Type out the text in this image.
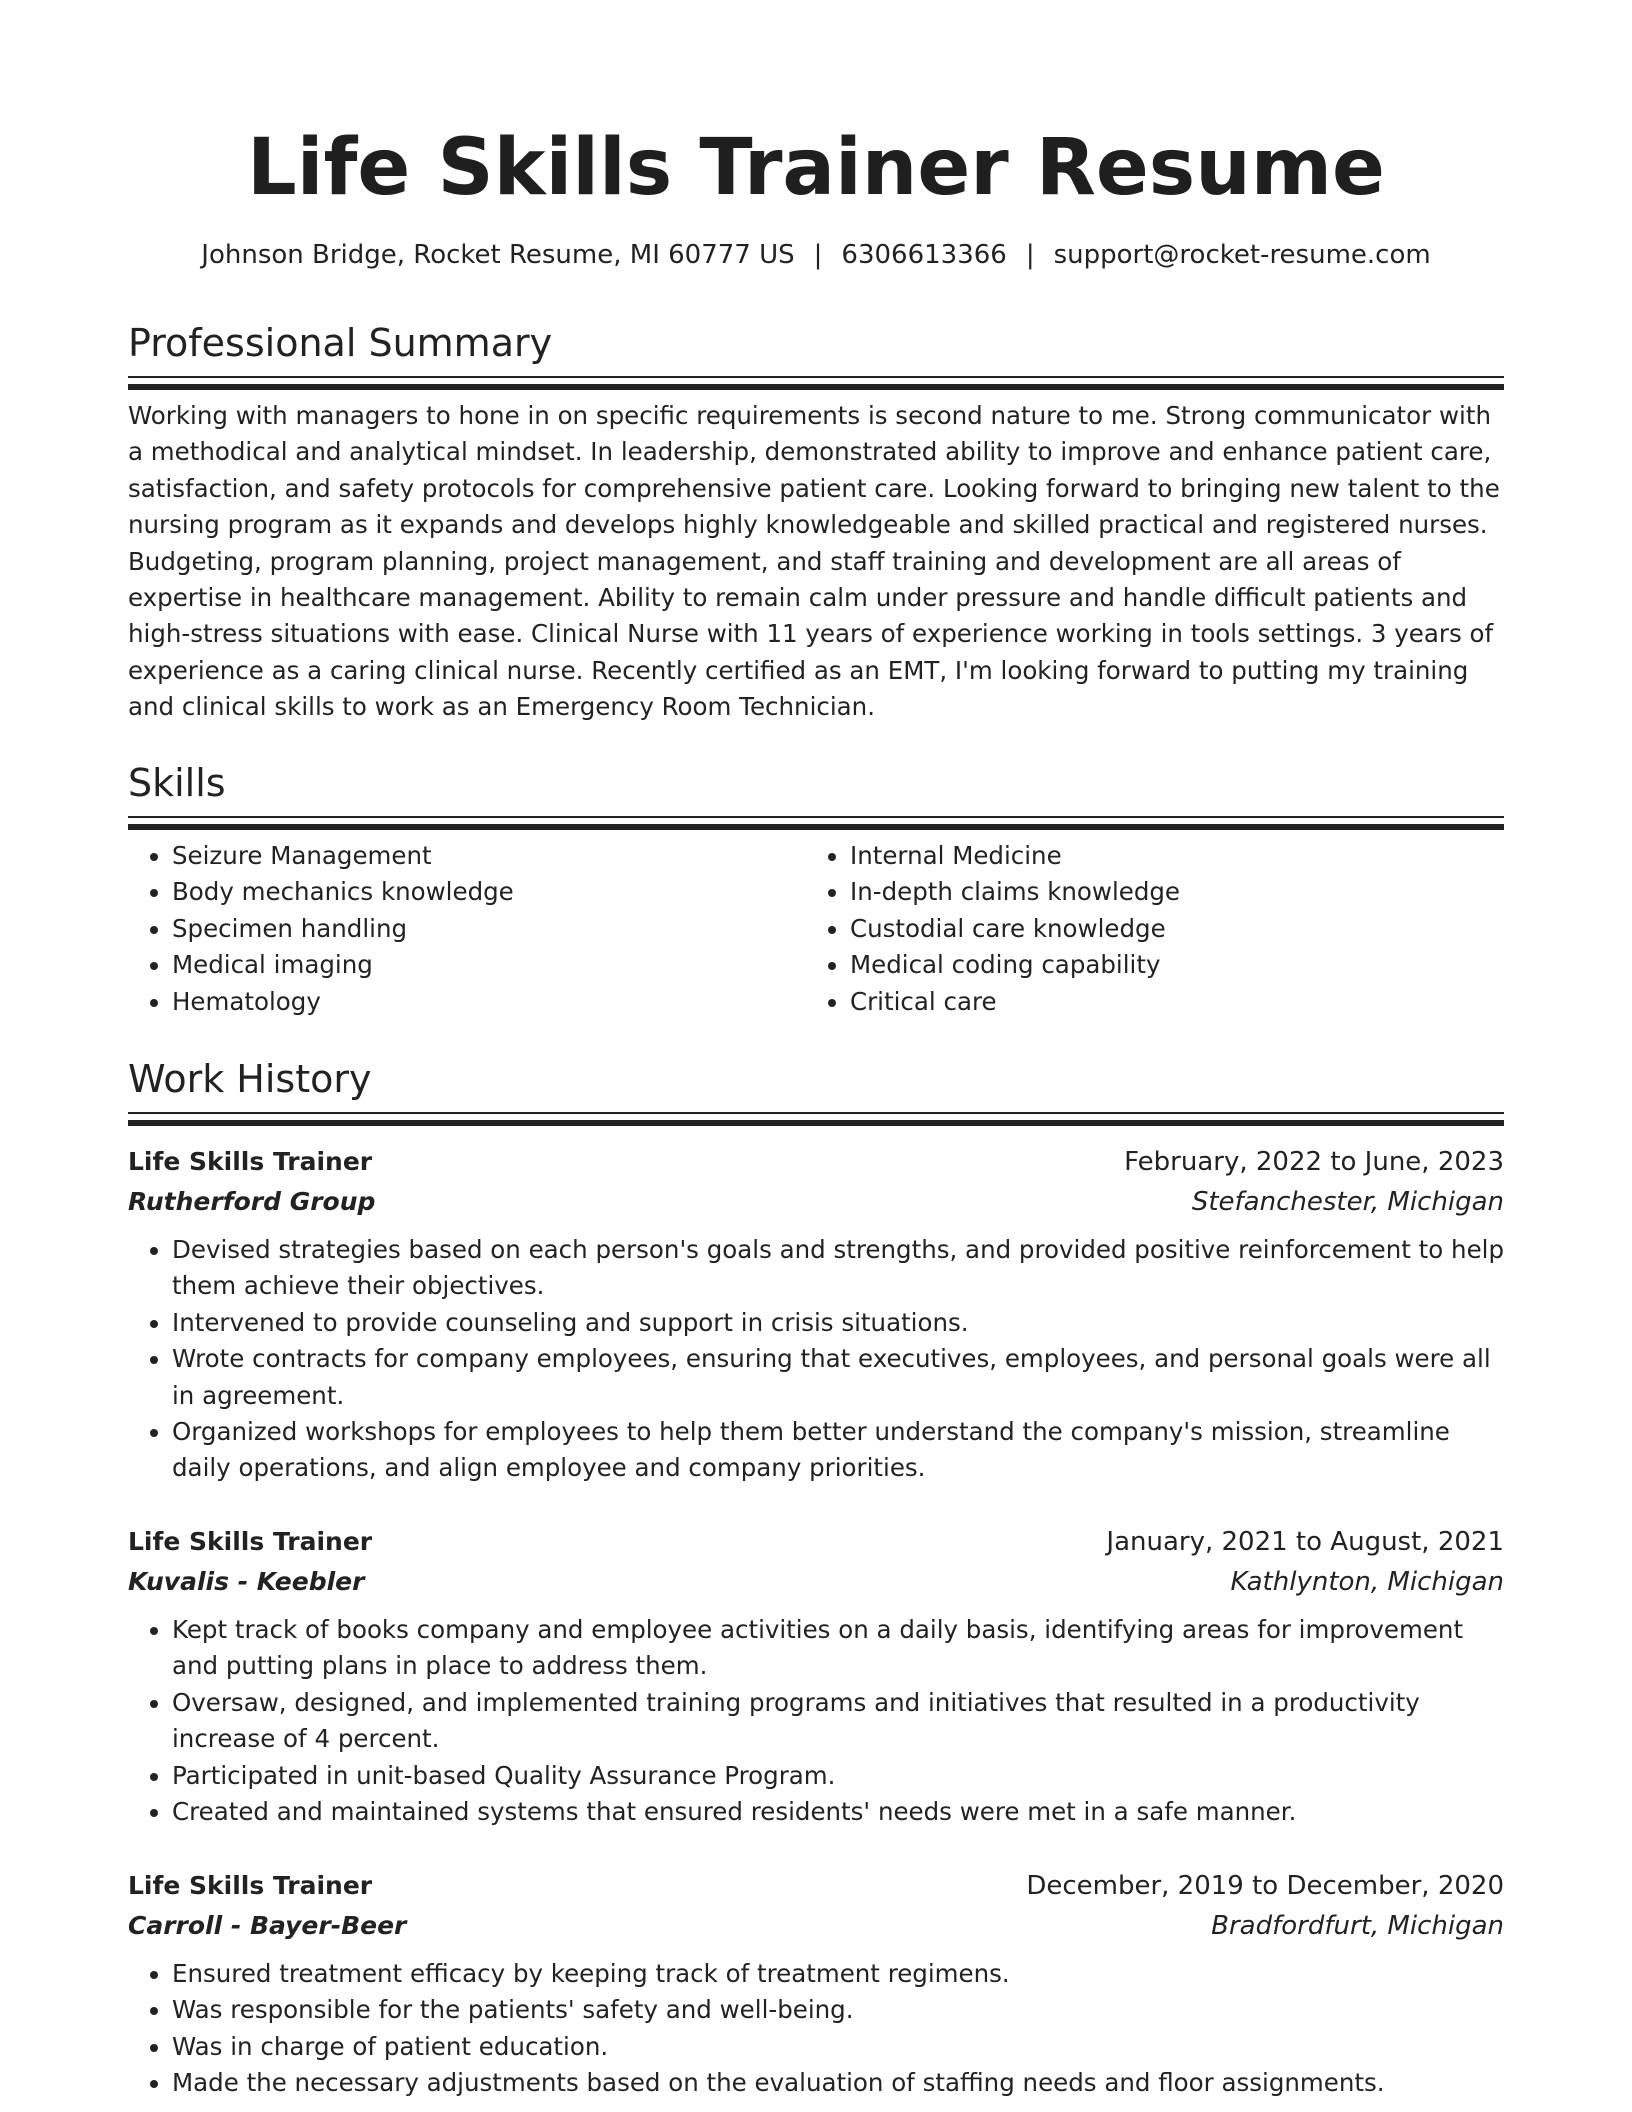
Life Skills Trainer Resume
Johnson Bridge, Rocket Resume, MI 60777 US | 6306613366 | support@rocket-resume.com
Professional Summary

Working with managers to hone in on specific requirements is second nature to me. Strong communicator with a methodical and analytical mindset. In leadership, demonstrated ability to improve and enhance patient care, satisfaction, and safety protocols for comprehensive patient care. Looking forward to bringing new talent to the nursing program as it expands and develops highly knowledgeable and skilled practical and registered nurses. Budgeting, program planning, project management, and staff training and development are all areas of expertise in healthcare management. Ability to remain calm under pressure and handle difficult patients and high-stress situations with ease. Clinical Nurse with 11 years of experience working in tools settings. 3 years of experience as a caring clinical nurse. Recently certified as an EMT, I'm looking forward to putting my training and clinical skills to work as an Emergency Room Technician.

Skills
• Seizure Management
• Body mechanics knowledge
• Specimen handling
• Medical imaging
• Hematology
• Internal Medicine
• In-depth claims knowledge
• Custodial care knowledge
• Medical coding capability
• Critical care
Work History
Life Skills Trainer	February, 2022 to June, 2023
Rutherford Group	Stefanchester, Michigan
• Devised strategies based on each person's goals and strengths, and provided positive reinforcement to help them achieve their objectives.
• Intervened to provide counseling and support in crisis situations.
• Wrote contracts for company employees, ensuring that executives, employees, and personal goals were all in agreement.
• Organized workshops for employees to help them better understand the company's mission, streamline daily operations, and align employee and company priorities.
Life Skills Trainer	January, 2021 to August, 2021
Kuvalis - Keebler	Kathlynton, Michigan
• Kept track of books company and employee activities on a daily basis, identifying areas for improvement and putting plans in place to address them.
• Oversaw, designed, and implemented training programs and initiatives that resulted in a productivity increase of 4 percent.
• Participated in unit-based Quality Assurance Program.
• Created and maintained systems that ensured residents' needs were met in a safe manner.
Life Skills Trainer	December, 2019 to December, 2020
Carroll - Bayer-Beer	Bradfordfurt, Michigan
• Ensured treatment efficacy by keeping track of treatment regimens.
• Was responsible for the patients' safety and well-being.
• Was in charge of patient education.
• Made the necessary adjustments based on the evaluation of staffing needs and floor assignments.
